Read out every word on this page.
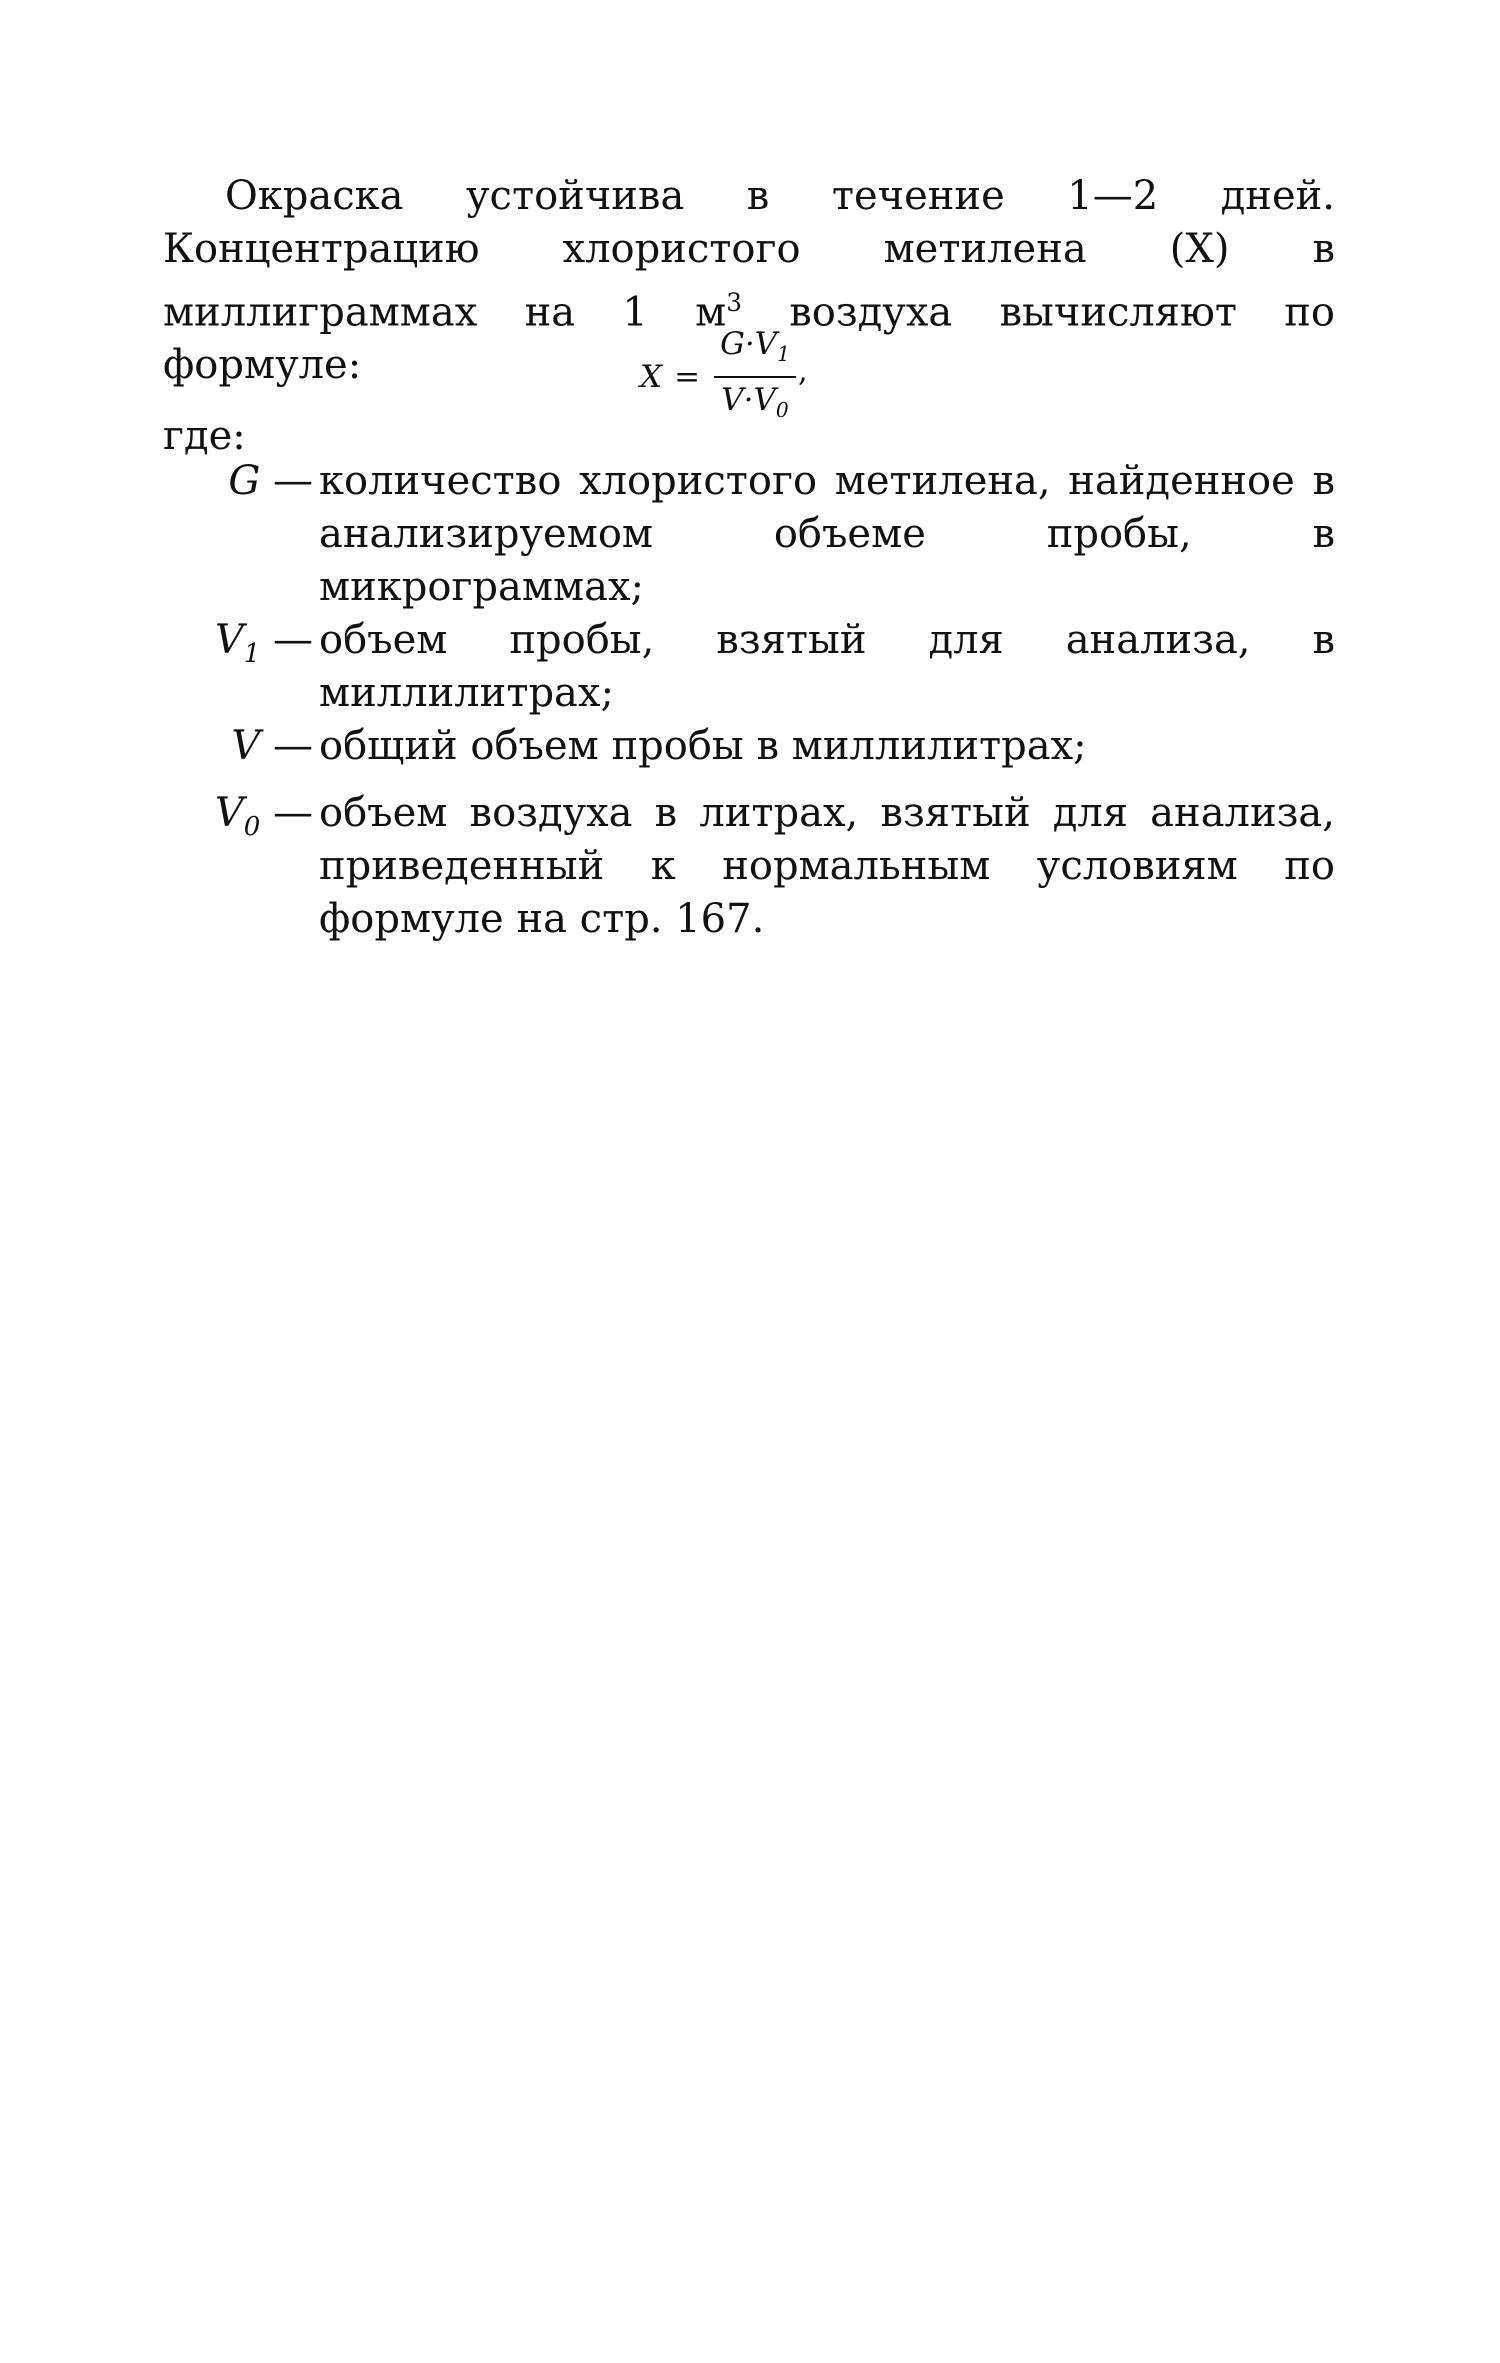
Окраска устойчива в течение 1—2 дней. Концентрацию хлористого метилена (X) в миллиграммах на 1 $м^3$ воздуха вычисляют по формуле:	$X = \frac{G\cdot V_1}{V\cdot V_0}$ ,
где:
G — количество хлористого метилена, найденное в анализируемом объеме пробы, в микрограммах;
$V_1$ — объем пробы, взятый для анализа, в миллилитрах;
V — общий объем пробы в миллилитрах;
$V_0$ — объем воздуха в литрах, взятый для анализа, приведенный к нормальным условиям по формуле на стр. 167.
